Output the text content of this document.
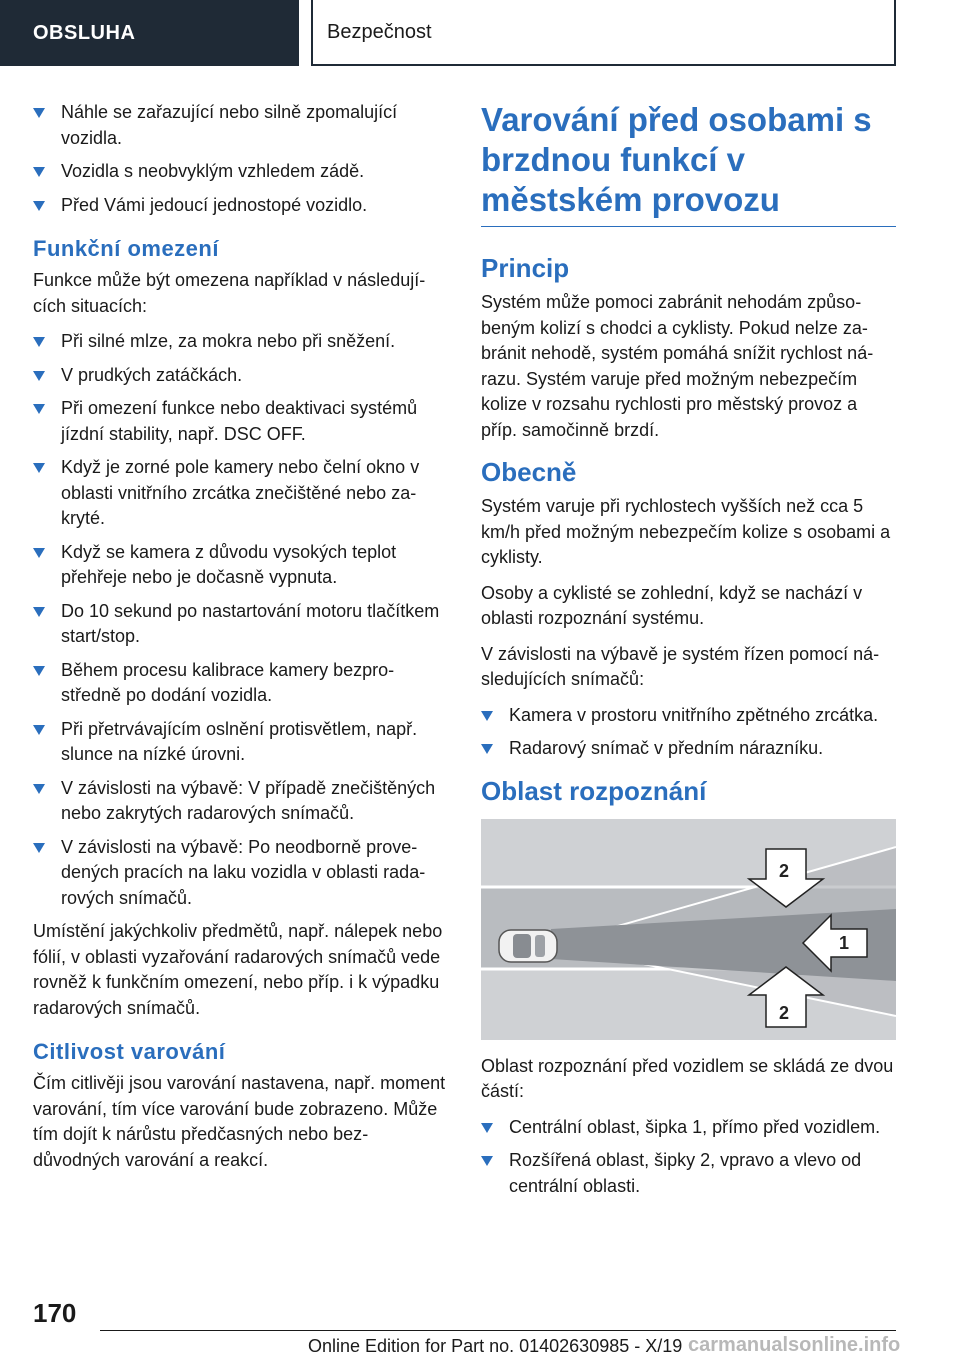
OBSLUHA	Bezpečnost
Náhle se zařazující nebo silně zpomalující vozidla.
Vozidla s neobvyklým vzhledem zádě.
Před Vámi jedoucí jednostopé vozidlo.
Funkční omezení

Funkce může být omezena například v následujících situacích:

Při silné mlze, za mokra nebo při sněžení.
V prudkých zatáčkách.
Při omezení funkce nebo deaktivaci systémů jízdní stability, např. DSC OFF.
Když je zorné pole kamery nebo čelní okno v oblasti vnitřního zrcátka znečištěné nebo zakryté.
Když se kamera z důvodu vysokých teplot přehřeje nebo je dočasně vypnuta.
Do 10 sekund po nastartování motoru tlačítkem start/stop.
Během procesu kalibrace kamery bezprostředně po dodání vozidla.
Při přetrvávajícím oslnění protisvětlem, např. slunce na nízké úrovni.
V závislosti na výbavě: V případě znečištěných nebo zakrytých radarových snímačů.
V závislosti na výbavě: Po neodborně provedených pracích na laku vozidla v oblasti radarových snímačů.

Umístění jakýchkoliv předmětů, např. nálepek nebo fólií, v oblasti vyzařování radarových snímačů vede rovněž k funkčním omezení, nebo příp. i k výpadku radarových snímačů.

Citlivost varování

Čím citlivěji jsou varování nastavena, např. moment varování, tím více varování bude zobrazeno. Může tím dojít k nárůstu předčasných nebo bezdůvodných varování a reakcí.

Varování před osobami s brzdnou funkcí v městském provozu
Princip

Systém může pomoci zabránit nehodám způsobeným kolizí s chodci a cyklisty. Pokud nelze zabránit nehodě, systém pomáhá snížit rychlost nárazu. Systém varuje před možným nebezpečím kolize v rozsahu rychlosti pro městský provoz a příp. samočinně brzdí.

Obecně

Systém varuje při rychlostech vyšších než cca 5 km/h před možným nebezpečím kolize s osobami a cyklisty.

Osoby a cyklisté se zohlední, když se nachází v oblasti rozpoznání systému.

V závislosti na výbavě je systém řízen pomocí následujících snímačů:

Kamera v prostoru vnitřního zpětného zrcátka.
Radarový snímač v předním nárazníku.
Oblast rozpoznání
1
2
2

Oblast rozpoznání před vozidlem se skládá ze dvou částí:

Centrální oblast, šipka 1, přímo před vozidlem.
Rozšířená oblast, šipky 2, vpravo a vlevo od centrální oblasti.
170
Online Edition for Part no. 01402630985 - X/19 carmanualsonline.info
